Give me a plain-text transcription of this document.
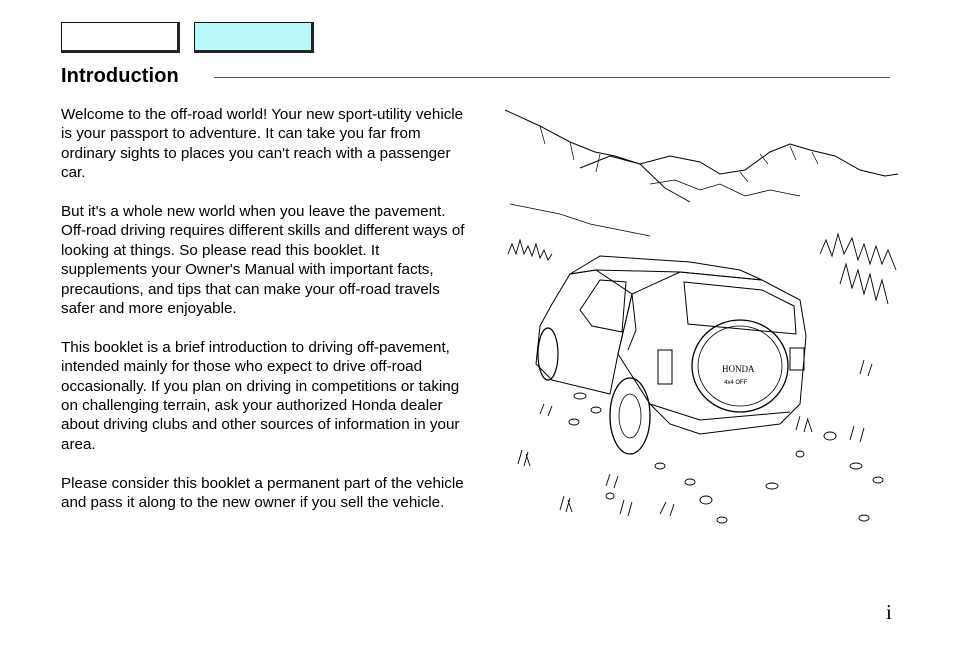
Introduction

Welcome to the off-road world! Your new sport-utility vehicle is your passport to adventure. It can take you far from ordinary sights to places you can't reach with a passenger car.

But it's a whole new world when you leave the pavement. Off-road driving requires different skills and different ways of looking at things. So please read this booklet. It supplements your Owner's Manual with important facts, precautions, and tips that can make your off-road travels safer and more enjoyable.

This booklet is a brief introduction to driving off-pavement, intended mainly for those who expect to drive off-road occasionally. If you plan on driving in competitions or taking on challenging terrain, ask your authorized Honda dealer about driving clubs and other sources of information in your area.

Please consider this booklet a permanent part of the vehicle and pass it along to the new owner if you sell the vehicle.

HONDA
4x4 OFF
i
